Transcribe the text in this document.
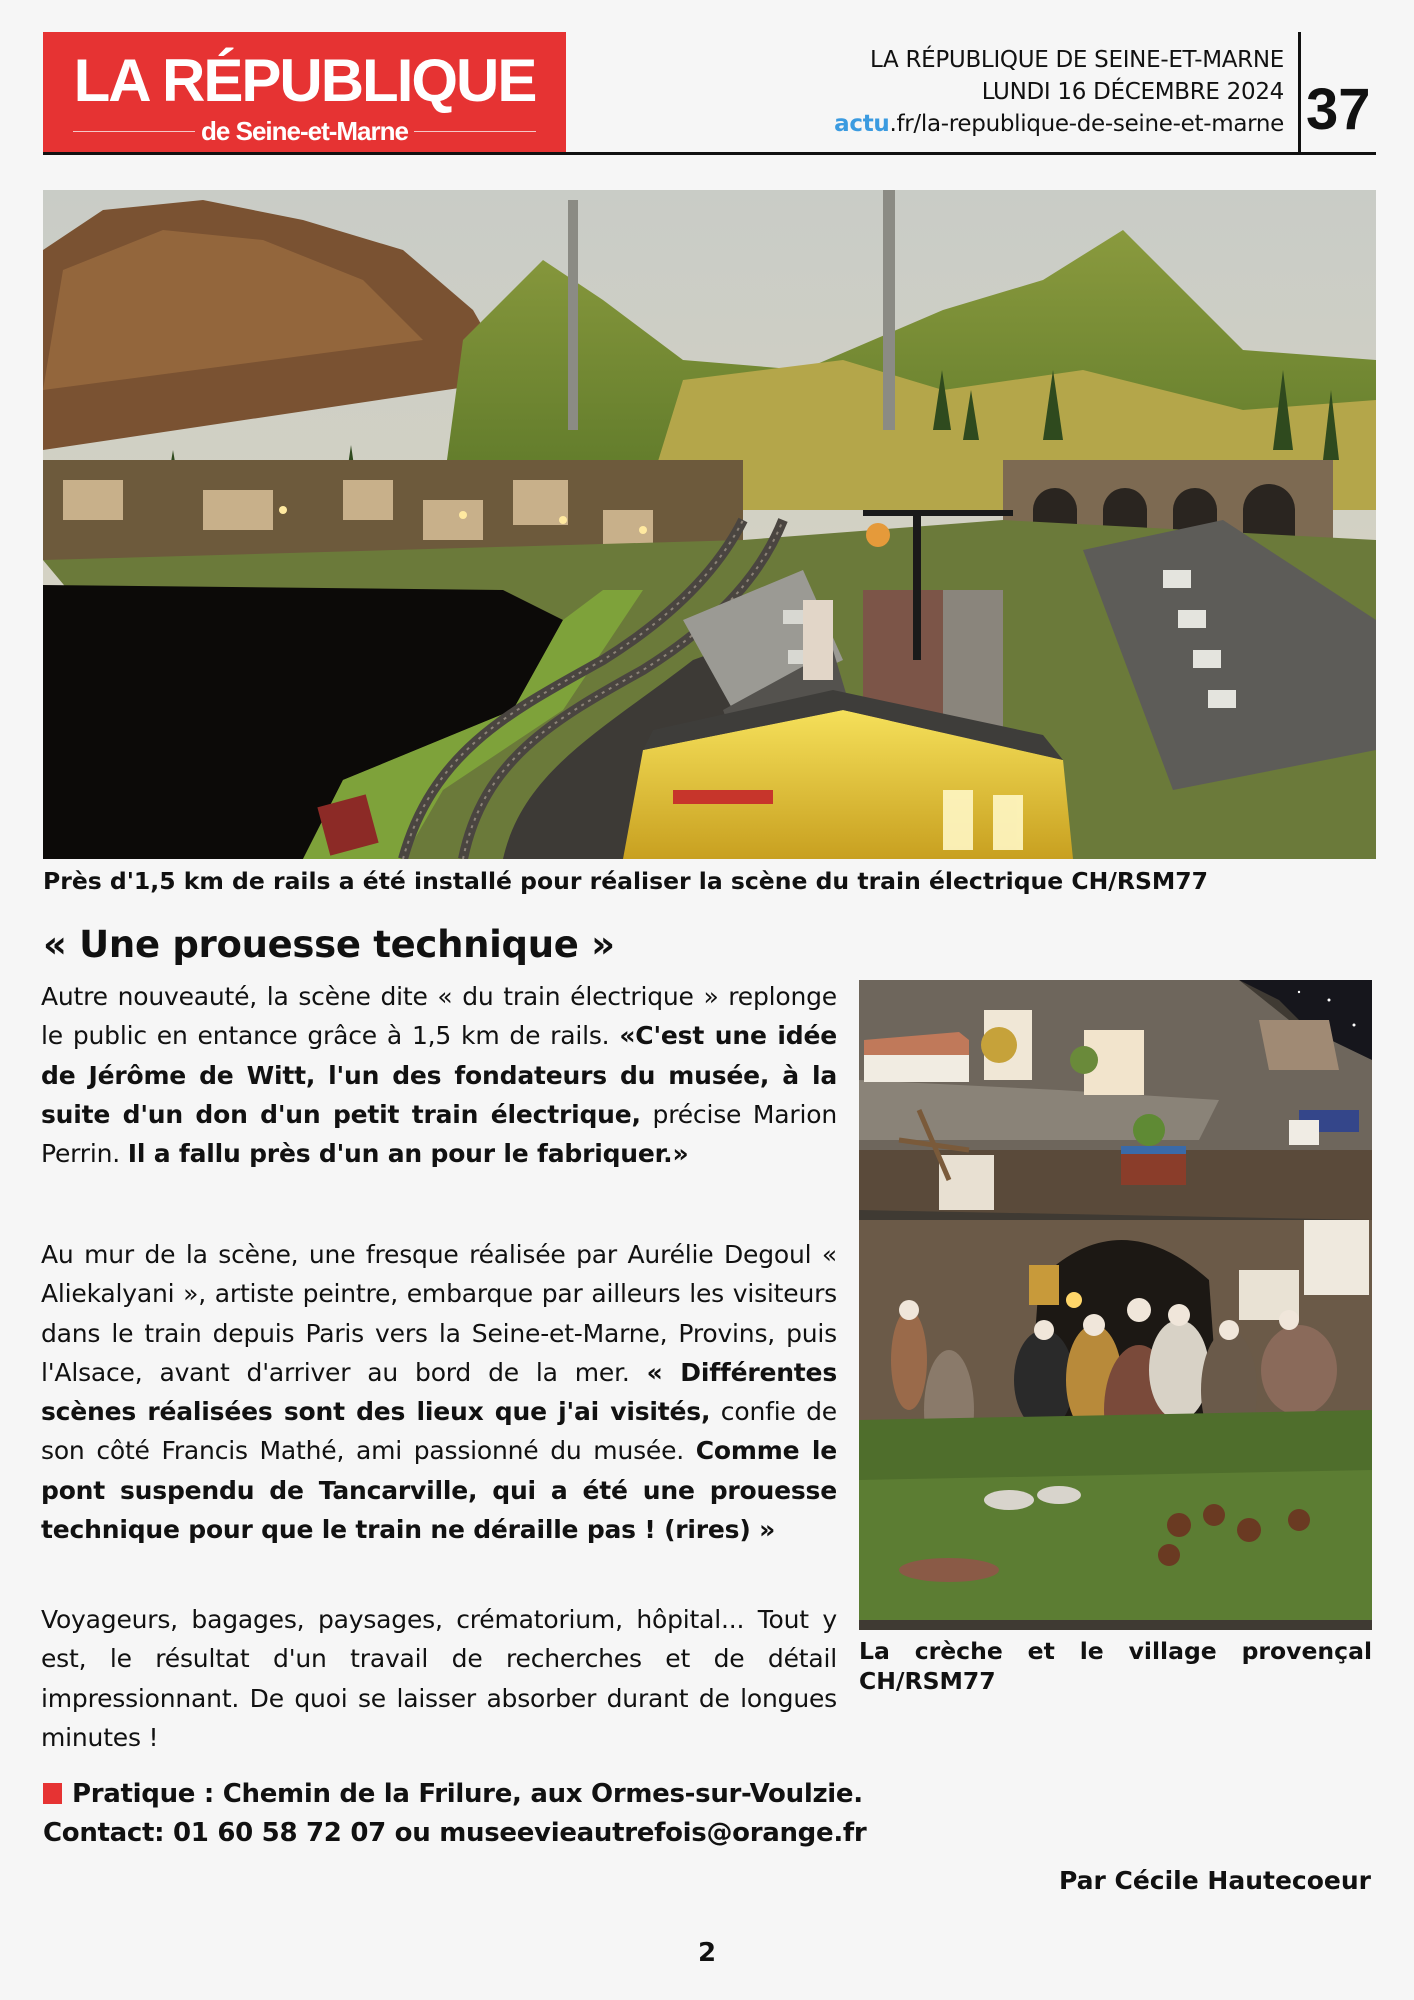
LA RÉPUBLIQUE
de Seine-et-Marne
LA RÉPUBLIQUE DE SEINE-ET-MARNE
LUNDI 16 DÉCEMBRE 2024
actu.fr/la-republique-de-seine-et-marne 37
Près d'1,5 km de rails a été installé pour réaliser la scène du train électrique CH/RSM77
« Une prouesse technique »
Autre nouveauté, la scène dite « du train électrique » replonge le public en entance grâce à 1,5 km de rails. «C'est une idée de Jérôme de Witt, l'un des fondateurs du musée, à la suite d'un don d'un petit train électrique, précise Marion Perrin. Il a fallu près d'un an pour le fabriquer.»
Au mur de la scène, une fresque réalisée par Aurélie Degoul « Aliekalyani », artiste peintre, embarque par ailleurs les visiteurs dans le train depuis Paris vers la Seine-et-Marne, Provins, puis l'Alsace, avant d'arriver au bord de la mer. « Différentes scènes réalisées sont des lieux que j'ai visités, confie de son côté Francis Mathé, ami passionné du musée. Comme le pont suspendu de Tancarville, qui a été une prouesse technique pour que le train ne déraille pas ! (rires) »
Voyageurs, bagages, paysages, crématorium, hôpital... Tout y est, le résultat d'un travail de recherches et de détail impressionnant. De quoi se laisser absorber durant de longues minutes !
La crèche et le village provençal CH/RSM77
Pratique : Chemin de la Frilure, aux Ormes-sur-Voulzie.
Contact: 01 60 58 72 07 ou museevieautrefois@orange.fr
Par Cécile Hautecoeur
2
